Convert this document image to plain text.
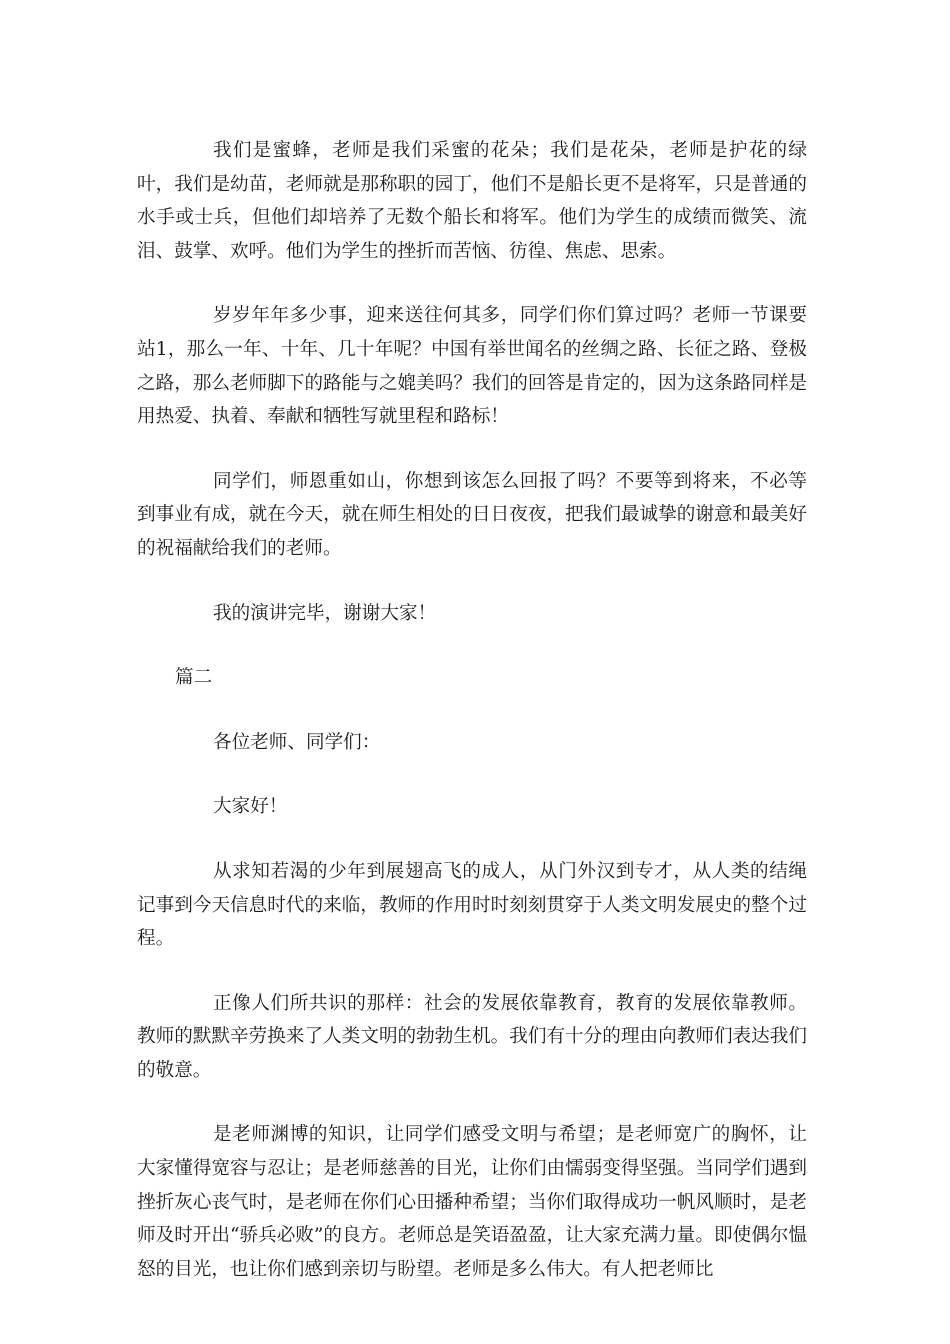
我们是蜜蜂，老师是我们采蜜的花朵；我们是花朵，老师是护花的绿叶，我们是幼苗，老师就是那称职的园丁，他们不是船长更不是将军，只是普通的水手或士兵，但他们却培养了无数个船长和将军。他们为学生的成绩而微笑、流泪、鼓掌、欢呼。他们为学生的挫折而苦恼、彷徨、焦虑、思索。

岁岁年年多少事，迎来送往何其多，同学们你们算过吗？老师一节课要站1，那么一年、十年、几十年呢？中国有举世闻名的丝绸之路、长征之路、登极之路，那么老师脚下的路能与之媲美吗？我们的回答是肯定的，因为这条路同样是用热爱、执着、奉献和牺牲写就里程和路标！

同学们，师恩重如山，你想到该怎么回报了吗？不要等到将来，不必等到事业有成，就在今天，就在师生相处的日日夜夜，把我们最诚挚的谢意和最美好的祝福献给我们的老师。

我的演讲完毕，谢谢大家！

篇二

各位老师、同学们：

大家好！

从求知若渴的少年到展翅高飞的成人，从门外汉到专才，从人类的结绳记事到今天信息时代的来临，教师的作用时时刻刻贯穿于人类文明发展史的整个过程。

正像人们所共识的那样：社会的发展依靠教育，教育的发展依靠教师。教师的默默辛劳换来了人类文明的勃勃生机。我们有十分的理由向教师们表达我们的敬意。

是老师渊博的知识，让同学们感受文明与希望；是老师宽广的胸怀，让大家懂得宽容与忍让；是老师慈善的目光，让你们由懦弱变得坚强。当同学们遇到挫折灰心丧气时，是老师在你们心田播种希望；当你们取得成功一帆风顺时，是老师及时开出“骄兵必败”的良方。老师总是笑语盈盈，让大家充满力量。即使偶尔愠怒的目光，也让你们感到亲切与盼望。老师是多么伟大。有人把老师比
